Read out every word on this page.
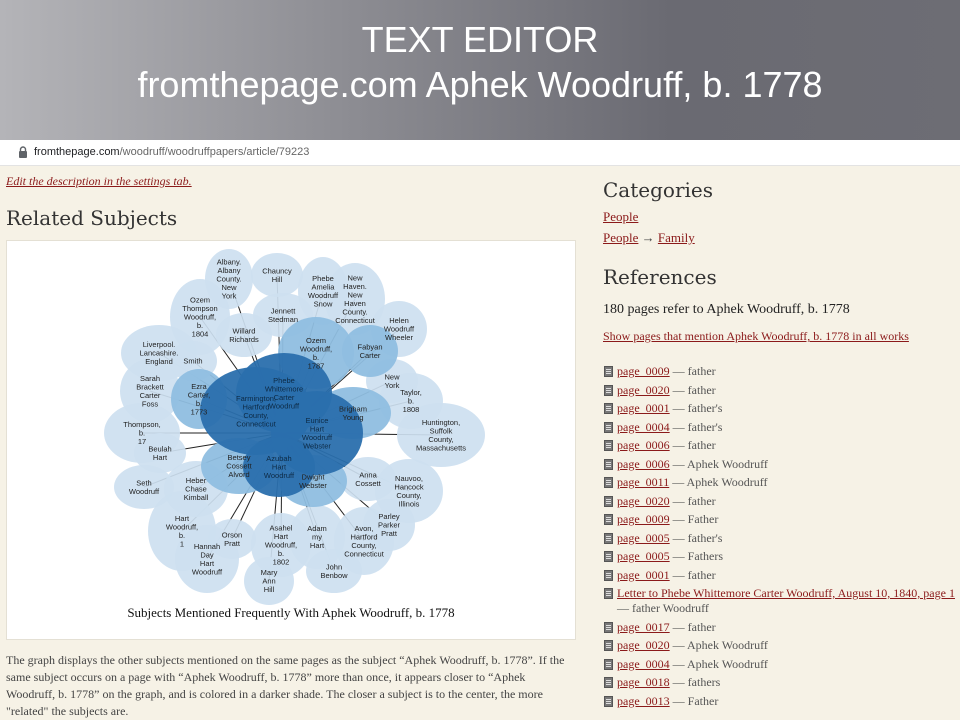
TEXT EDITOR
fromthepage.com Aphek Woodruff, b. 1778
fromthepage.com/woodruff/woodruffpapers/article/79223
Edit the description in the settings tab.
Related Subjects
Albany. Albany County. New York
Chauncy Hill	Phebe Amelia Woodruff Snow
New Haven. New Haven County. Connecticut
Ozem Thompson Woodruff, b. 1804
Jennett Stedman	Helen Woodruff Wheeler
Willard Richards
Liverpool. Lancashire. England	Smith
New York
Sarah Brackett Carter Foss
Taylor, b. 1808
Thompson, b. 17
Huntington, Suffolk County, Massachusetts
Beulah Hart
Anna Cossett
Seth Woodruff
Heber Chase Kimball
Nauvoo, Hancock County, Illinois
Hart Woodruff, b. 1
Parley Parker Pratt
Orson Pratt
Asahel Hart Woodruff, b. 1802
Adam my Hart
Avon, Hartford County, Connecticut
Hannah Day Hart Woodruff
John Benbow
Mary Ann Hill
Ozem Woodruff, b. 1787
Fabyan Carter
Ezra Carter, b. 1773	Brigham Young
Betsey Cossett Alvord	Dwight Webster
Farmington, Hartford County, Connecticut
Phebe Whittemore Carter Woodruff
Eunice Hart Woodruff Webster
Azubah Hart Woodruff
Subjects Mentioned Frequently With Aphek Woodruff, b. 1778
The graph displays the other subjects mentioned on the same pages as the subject “Aphek Woodruff, b. 1778”. If the same subject occurs on a page with “Aphek Woodruff, b. 1778” more than once, it appears closer to “Aphek Woodruff, b. 1778” on the graph, and is colored in a darker shade. The closer a subject is to the center, the more "related" the subjects are.
Categories
People
People → Family
References
180 pages refer to Aphek Woodruff, b. 1778
Show pages that mention Aphek Woodruff, b. 1778 in all works
page_0009 — father
page_0020 — father
page_0001 — father's
page_0004 — father's
page_0006 — father
page_0006 — Aphek Woodruff
page_0011 — Aphek Woodruff
page_0020 — father
page_0009 — Father
page_0005 — father's
page_0005 — Fathers
page_0001 — father
Letter to Phebe Whittemore Carter Woodruff, August 10, 1840, page 1 — father Woodruff
page_0017 — father
page_0020 — Aphek Woodruff
page_0004 — Aphek Woodruff
page_0018 — fathers
page_0013 — Father
